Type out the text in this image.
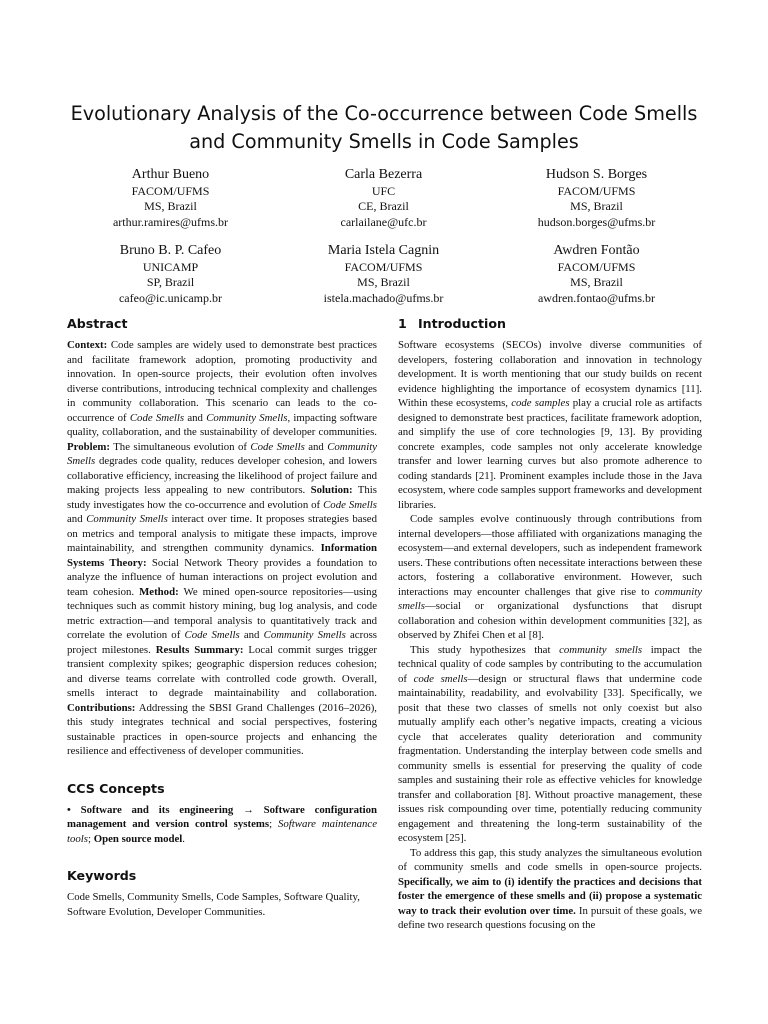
Evolutionary Analysis of the Co-occurrence between Code Smells
and Community Smells in Code Samples
Arthur Bueno
FACOM/UFMS
MS, Brazil
arthur.ramires@ufms.br
Carla Bezerra
UFC
CE, Brazil
carlailane@ufc.br
Hudson S. Borges
FACOM/UFMS
MS, Brazil
hudson.borges@ufms.br
Bruno B. P. Cafeo
UNICAMP
SP, Brazil
cafeo@ic.unicamp.br
Maria Istela Cagnin
FACOM/UFMS
MS, Brazil
istela.machado@ufms.br
Awdren Fontão
FACOM/UFMS
MS, Brazil
awdren.fontao@ufms.br
Abstract

Context: Code samples are widely used to demonstrate best practices and facilitate framework adoption, promoting productivity and innovation. In open-source projects, their evolution often involves diverse contributions, introducing technical complexity and challenges in community collaboration. This scenario can leads to the co-occurrence of Code Smells and Community Smells, impacting software quality, collaboration, and the sustainability of developer communities. Problem: The simultaneous evolution of Code Smells and Community Smells degrades code quality, reduces developer cohesion, and lowers collaborative efficiency, increasing the likelihood of project failure and making projects less appealing to new contributors. Solution: This study investigates how the co-occurrence and evolution of Code Smells and Community Smells interact over time. It proposes strategies based on metrics and temporal analysis to mitigate these impacts, improve maintainability, and strengthen community dynamics. Information Systems Theory: Social Network Theory provides a foundation to analyze the influence of human interactions on project evolution and team cohesion. Method: We mined open-source repositories—using techniques such as commit history mining, bug log analysis, and code metric extraction—and temporal analysis to quantitatively track and correlate the evolution of Code Smells and Community Smells across project milestones. Results Summary: Local commit surges trigger transient complexity spikes; geographic dispersion reduces cohesion; and diverse teams correlate with controlled code growth. Overall, smells interact to degrade maintainability and collaboration. Contributions: Addressing the SBSI Grand Challenges (2016–2026), this study integrates technical and social perspectives, fostering sustainable practices in open-source projects and enhancing the resilience and effectiveness of developer communities.

CCS Concepts

• Software and its engineering → Software configuration management and version control systems; Software maintenance tools; Open source model.

Keywords

Code Smells, Community Smells, Code Samples, Software Quality, Software Evolution, Developer Communities.

1 Introduction

Software ecosystems (SECOs) involve diverse communities of developers, fostering collaboration and innovation in technology development. It is worth mentioning that our study builds on recent evidence highlighting the importance of ecosystem dynamics [11]. Within these ecosystems, code samples play a crucial role as artifacts designed to demonstrate best practices, facilitate framework adoption, and simplify the use of core technologies [9, 13]. By providing concrete examples, code samples not only accelerate knowledge transfer and lower learning curves but also promote adherence to coding standards [21]. Prominent examples include those in the Java ecosystem, where code samples support frameworks and development libraries.

Code samples evolve continuously through contributions from internal developers—those affiliated with organizations managing the ecosystem—and external developers, such as independent framework users. These contributions often necessitate interactions between these actors, fostering a collaborative environment. However, such interactions may encounter challenges that give rise to community smells—social or organizational dysfunctions that disrupt collaboration and cohesion within development communities [32], as observed by Zhifei Chen et al [8].

This study hypothesizes that community smells impact the technical quality of code samples by contributing to the accumulation of code smells—design or structural flaws that undermine code maintainability, readability, and evolvability [33]. Specifically, we posit that these two classes of smells not only coexist but also mutually amplify each other’s negative impacts, creating a vicious cycle that accelerates quality deterioration and community fragmentation. Understanding the interplay between code smells and community smells is essential for preserving the quality of code samples and sustaining their role as effective vehicles for knowledge transfer and collaboration [8]. Without proactive management, these issues risk compounding over time, potentially reducing community engagement and threatening the long-term sustainability of the ecosystem [25].

To address this gap, this study analyzes the simultaneous evolution of community smells and code smells in open-source projects. Specifically, we aim to (i) identify the practices and decisions that foster the emergence of these smells and (ii) propose a systematic way to track their evolution over time. In pursuit of these goals, we define two research questions focusing on the
